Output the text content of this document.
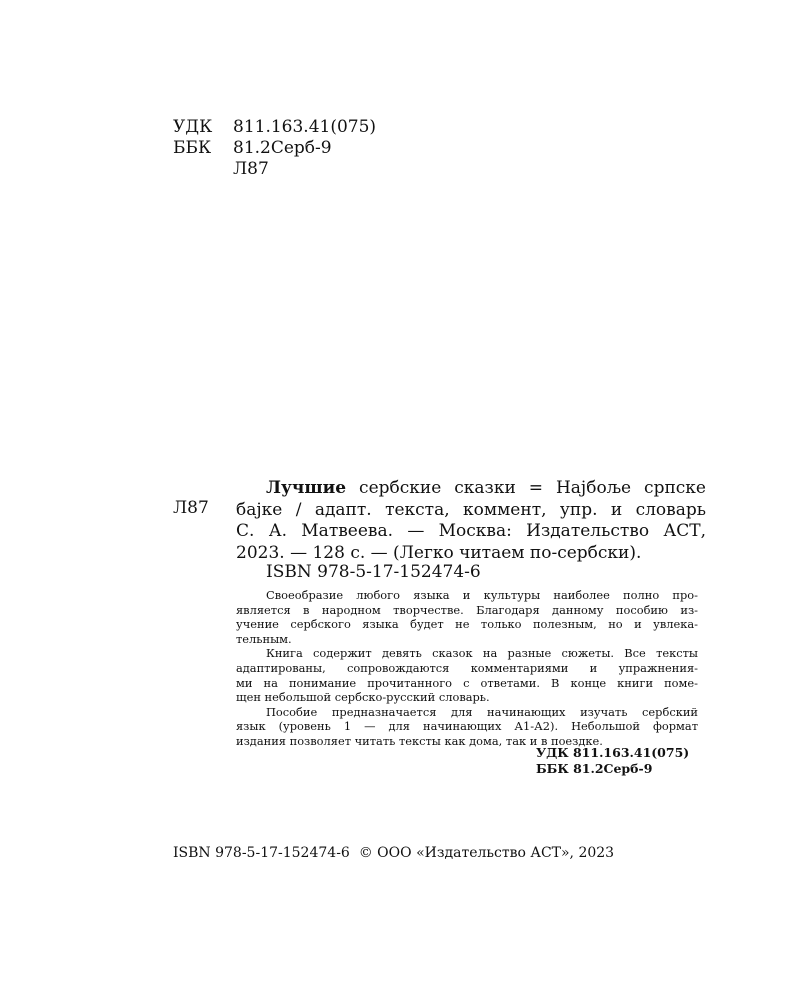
УДК	811.163.41(075)
ББК	81.2Серб-9
Л87
Л87
Лучшие сербские сказки = Најбоље српске
бајке / адапт. текста, коммент, упр. и словарь
С. А. Матвеева. — Москва: Издательство АСТ,
2023. — 128 с. — (Легко читаем по-сербски).
ISBN 978-5-17-152474-6

Своеобразие любого языка и культуры наиболее полно про-
является в народном творчестве. Благодаря данному пособию из-
учение сербского языка будет не только полезным, но и увлека-
тельным.

Книга содержит девять сказок на разные сюжеты. Все тексты
адаптированы, сопровождаются комментариями и упражнения-
ми на понимание прочитанного с ответами. В конце книги поме-
щен небольшой сербско-русский словарь.

Пособие предназначается для начинающих изучать сербский
язык (уровень 1 — для начинающих А1-А2). Небольшой формат
издания позволяет читать тексты как дома, так и в поездке.

УДК 811.163.41(075)
ББК 81.2Серб-9
ISBN 978-5-17-152474-6 © ООО «Издательство АСТ», 2023
